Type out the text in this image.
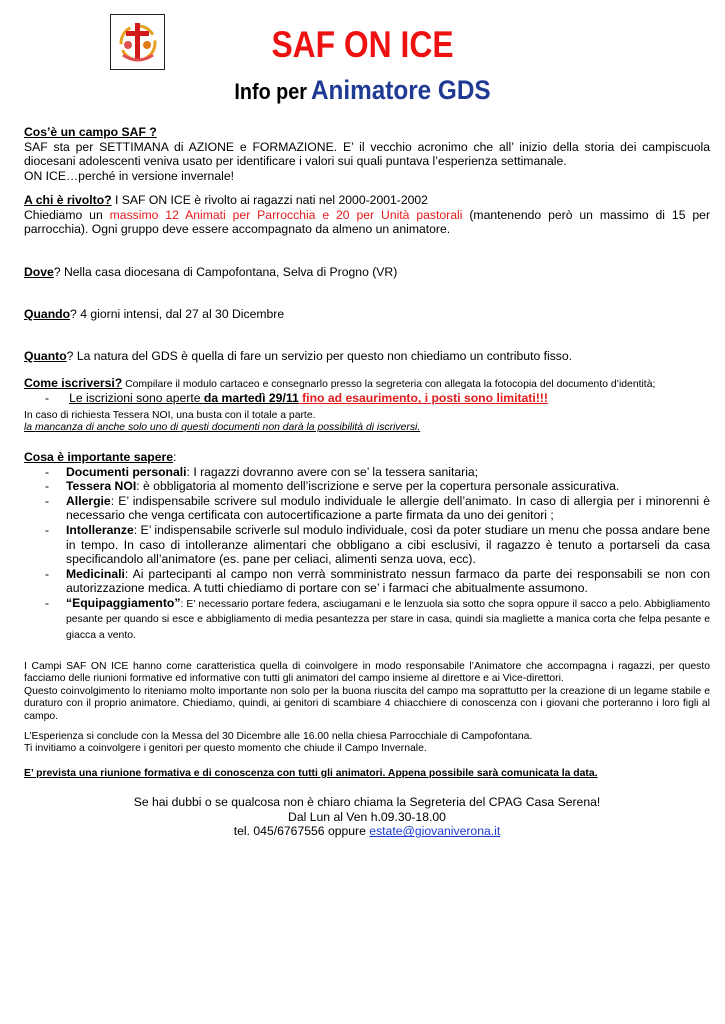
SAF ON ICE
Info per Animatore GDS

Cos’è un campo SAF ?

SAF sta per SETTIMANA di AZIONE e FORMAZIONE. E’ il vecchio acronimo che all’ inizio della storia dei campiscuola diocesani adolescenti veniva usato per identificare i valori sui quali puntava l’esperienza settimanale.

ON ICE…perché in versione invernale!

A chi è rivolto? I SAF ON ICE è rivolto ai ragazzi nati nel 2000-2001-2002

Chiediamo un massimo 12 Animati per Parrocchia e 20 per Unità pastorali (mantenendo però un massimo di 15 per parrocchia). Ogni gruppo deve essere accompagnato da almeno un animatore.

Dove? Nella casa diocesana di Campofontana, Selva di Progno (VR)

Quando? 4 giorni intensi, dal 27 al 30 Dicembre

Quanto? La natura del GDS è quella di fare un servizio per questo non chiediamo un contributo fisso.

Come iscriversi? Compilare il modulo cartaceo e consegnarlo presso la segreteria con allegata la fotocopia del documento d’identità;

- Le iscrizioni sono aperte da martedì 29/11 fino ad esaurimento, i posti sono limitati!!!

In caso di richiesta Tessera NOI, una busta con il totale a parte.

la mancanza di anche solo uno di questi documenti non darà la possibilità di iscriversi.

Cosa è importante sapere:

- Documenti personali: I ragazzi dovranno avere con se’ la tessera sanitaria;
- Tessera NOI: è obbligatoria al momento dell’iscrizione e serve per la copertura personale assicurativa.
- Allergie: E’ indispensabile scrivere sul modulo individuale le allergie dell’animato. In caso di allergia per i minorenni è necessario che venga certificata con autocertificazione a parte firmata da uno dei genitori ;
- Intolleranze: E’ indispensabile scriverle sul modulo individuale, così da poter studiare un menu che possa andare bene in tempo. In caso di intolleranze alimentari che obbligano a cibi esclusivi, il ragazzo è tenuto a portarseli da casa specificandolo all’animatore (es. pane per celiaci, alimenti senza uova, ecc).
- Medicinali: Ai partecipanti al campo non verrà somministrato nessun farmaco da parte dei responsabili se non con autorizzazione medica. A tutti chiediamo di portare con se’ i farmaci che abitualmente assumono.
- “Equipaggiamento”: E’ necessario portare federa, asciugamani e le lenzuola sia sotto che sopra oppure il sacco a pelo. Abbigliamento pesante per quando si esce e abbigliamento di media pesantezza per stare in casa, quindi sia magliette a manica corta che felpa pesante e giacca a vento.

I Campi SAF ON ICE hanno come caratteristica quella di coinvolgere in modo responsabile l’Animatore che accompagna i ragazzi, per questo facciamo delle riunioni formative ed informative con tutti gli animatori del campo insieme al direttore e ai Vice-direttori.

Questo coinvolgimento lo riteniamo molto importante non solo per la buona riuscita del campo ma soprattutto per la creazione di un legame stabile e duraturo con il proprio animatore. Chiediamo, quindi, ai genitori di scambiare 4 chiacchiere di conoscenza con i giovani che porteranno i loro figli al campo.

L’Esperienza si conclude con la Messa del 30 Dicembre alle 16.00 nella chiesa Parrocchiale di Campofontana.

Ti invitiamo a coinvolgere i genitori per questo momento che chiude il Campo Invernale.

E’ prevista una riunione formativa e di conoscenza con tutti gli animatori. Appena possibile sarà comunicata la data.

Se hai dubbi o se qualcosa non è chiaro chiama la Segreteria del CPAG Casa Serena!

Dal Lun al Ven h.09.30-18.00

tel. 045/6767556 oppure estate@giovaniverona.it
